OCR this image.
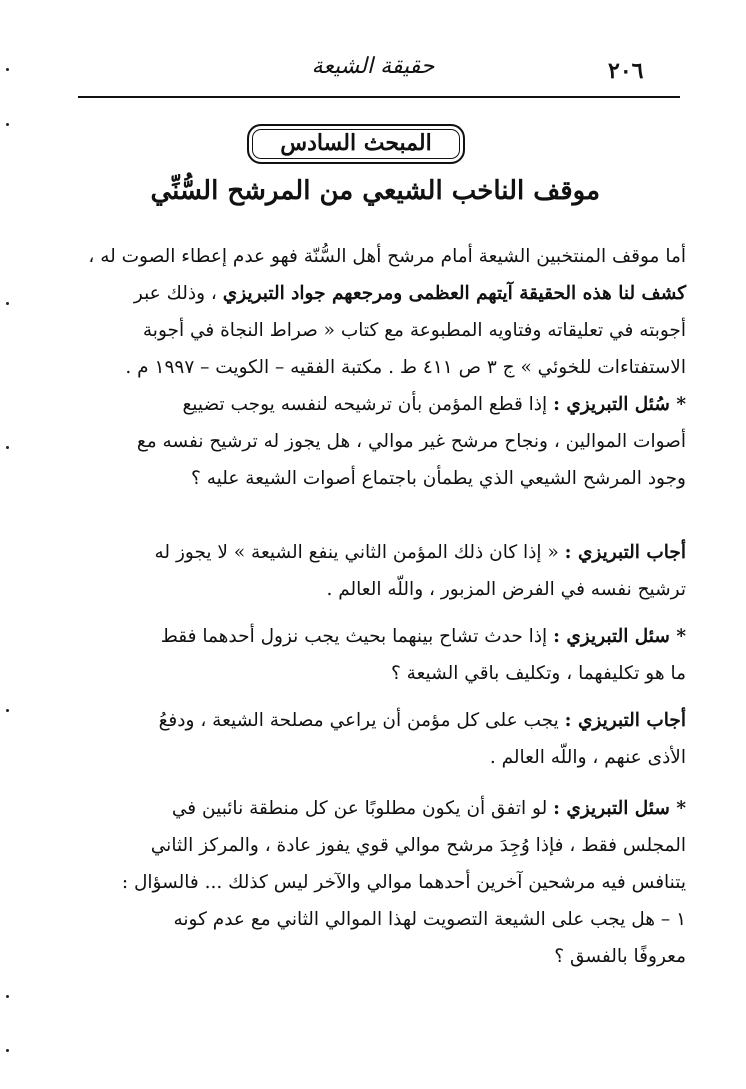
٢٠٦
حقيقة الشيعة
المبحث السادس
موقف الناخب الشيعي من المرشح السُّنِّي
أما موقف المنتخبين الشيعة أمام مرشح أهل السُّنّة فهو عدم إعطاء الصوت له ،
كشف لنا هذه الحقيقة آيتهم العظمى ومرجعهم جواد التبريزي ، وذلك عبر
أجوبته في تعليقاته وفتاويه المطبوعة مع كتاب « صراط النجاة في أجوبة
الاستفتاءات للخوئي » ج ٣ ص ٤١١ ط . مكتبة الفقيه – الكويت – ١٩٩٧ م .
* سُئل التبريزي : إذا قطع المؤمن بأن ترشيحه لنفسه يوجب تضييع
أصوات الموالين ، ونجاح مرشح غير موالي ، هل يجوز له ترشيح نفسه مع
وجود المرشح الشيعي الذي يطمأن باجتماع أصوات الشيعة عليه ؟
أجاب التبريزي : « إذا كان ذلك المؤمن الثاني ينفع الشيعة » لا يجوز له
ترشيح نفسه في الفرض المزبور ، واللّه العالم .
* سئل التبريزي : إذا حدث تشاح بينهما بحيث يجب نزول أحدهما فقط
ما هو تكليفهما ، وتكليف باقي الشيعة ؟
أجاب التبريزي : يجب على كل مؤمن أن يراعي مصلحة الشيعة ، ودفعُ
الأذى عنهم ، واللّه العالم .
* سئل التبريزي : لو اتفق أن يكون مطلوبًا عن كل منطقة نائبين في
المجلس فقط ، فإذا وُجِدَ مرشح موالي قوي يفوز عادة ، والمركز الثاني
يتنافس فيه مرشحين آخرين أحدهما موالي والآخر ليس كذلك ... فالسؤال :
١ – هل يجب على الشيعة التصويت لهذا الموالي الثاني مع عدم كونه
معروفًا بالفسق ؟
